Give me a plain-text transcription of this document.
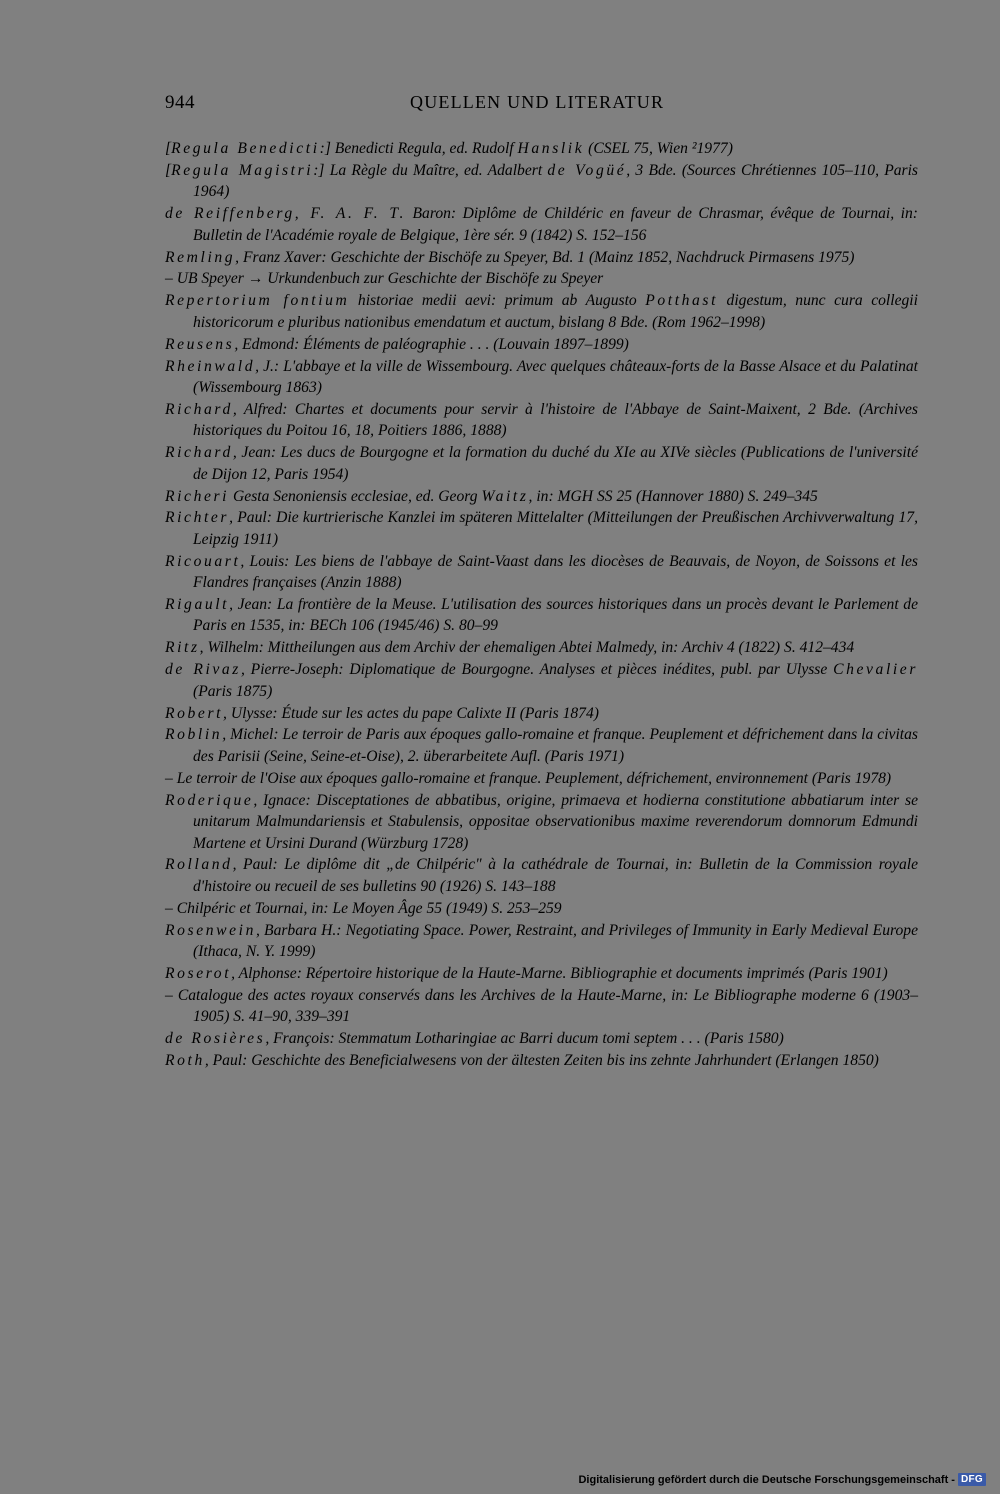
944	QUELLEN UND LITERATUR

[Regula Benedicti:] Benedicti Regula, ed. Rudolf Hanslik (CSEL 75, Wien ²1977)

[Regula Magistri:] La Règle du Maître, ed. Adalbert de Vogüé, 3 Bde. (Sources Chrétiennes 105–110, Paris 1964)

de Reiffenberg, F. A. F. T. Baron: Diplôme de Childéric en faveur de Chrasmar, évêque de Tournai, in: Bulletin de l'Académie royale de Belgique, 1ère sér. 9 (1842) S. 152–156

Remling, Franz Xaver: Geschichte der Bischöfe zu Speyer, Bd. 1 (Mainz 1852, Nachdruck Pirmasens 1975)

– UB Speyer → Urkundenbuch zur Geschichte der Bischöfe zu Speyer

Repertorium fontium historiae medii aevi: primum ab Augusto Potthast digestum, nunc cura collegii historicorum e pluribus nationibus emendatum et auctum, bislang 8 Bde. (Rom 1962–1998)

Reusens, Edmond: Éléments de paléographie . . . (Louvain 1897–1899)

Rheinwald, J.: L'abbaye et la ville de Wissembourg. Avec quelques châteaux-forts de la Basse Alsace et du Palatinat (Wissembourg 1863)

Richard, Alfred: Chartes et documents pour servir à l'histoire de l'Abbaye de Saint-Maixent, 2 Bde. (Archives historiques du Poitou 16, 18, Poitiers 1886, 1888)

Richard, Jean: Les ducs de Bourgogne et la formation du duché du XIe au XIVe siècles (Publications de l'université de Dijon 12, Paris 1954)

Richeri Gesta Senoniensis ecclesiae, ed. Georg Waitz, in: MGH SS 25 (Hannover 1880) S. 249–345

Richter, Paul: Die kurtrierische Kanzlei im späteren Mittelalter (Mitteilungen der Preußischen Archivverwaltung 17, Leipzig 1911)

Ricouart, Louis: Les biens de l'abbaye de Saint-Vaast dans les diocèses de Beauvais, de Noyon, de Soissons et les Flandres françaises (Anzin 1888)

Rigault, Jean: La frontière de la Meuse. L'utilisation des sources historiques dans un procès devant le Parlement de Paris en 1535, in: BECh 106 (1945/46) S. 80–99

Ritz, Wilhelm: Mittheilungen aus dem Archiv der ehemaligen Abtei Malmedy, in: Archiv 4 (1822) S. 412–434

de Rivaz, Pierre-Joseph: Diplomatique de Bourgogne. Analyses et pièces inédites, publ. par Ulysse Chevalier (Paris 1875)

Robert, Ulysse: Étude sur les actes du pape Calixte II (Paris 1874)

Roblin, Michel: Le terroir de Paris aux époques gallo-romaine et franque. Peuplement et défrichement dans la civitas des Parisii (Seine, Seine-et-Oise), 2. überarbeitete Aufl. (Paris 1971)

– Le terroir de l'Oise aux époques gallo-romaine et franque. Peuplement, défrichement, environnement (Paris 1978)

Roderique, Ignace: Disceptationes de abbatibus, origine, primaeva et hodierna constitutione abbatiarum inter se unitarum Malmundariensis et Stabulensis, oppositae observationibus maxime reverendorum domnorum Edmundi Martene et Ursini Durand (Würzburg 1728)

Rolland, Paul: Le diplôme dit „de Chilpéric" à la cathédrale de Tournai, in: Bulletin de la Commission royale d'histoire ou recueil de ses bulletins 90 (1926) S. 143–188

– Chilpéric et Tournai, in: Le Moyen Âge 55 (1949) S. 253–259

Rosenwein, Barbara H.: Negotiating Space. Power, Restraint, and Privileges of Immunity in Early Medieval Europe (Ithaca, N. Y. 1999)

Roserot, Alphonse: Répertoire historique de la Haute-Marne. Bibliographie et documents imprimés (Paris 1901)

– Catalogue des actes royaux conservés dans les Archives de la Haute-Marne, in: Le Bibliographe moderne 6 (1903–1905) S. 41–90, 339–391

de Rosières, François: Stemmatum Lotharingiae ac Barri ducum tomi septem . . . (Paris 1580)

Roth, Paul: Geschichte des Beneficialwesens von der ältesten Zeiten bis ins zehnte Jahrhundert (Erlangen 1850)

Digitalisierung gefördert durch die Deutsche Forschungsgemeinschaft - DFG
